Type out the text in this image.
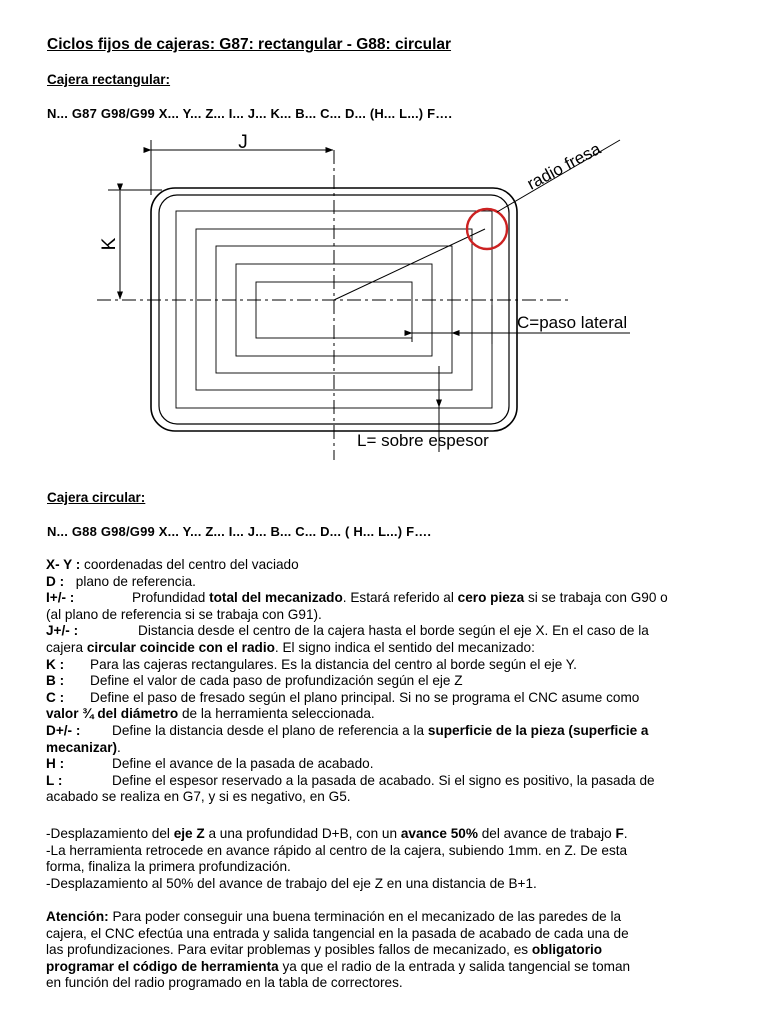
Ciclos fijos de cajeras: G87: rectangular - G88: circular

Cajera rectangular:

N... G87 G98/G99 X... Y... Z... I... J... K... B... C... D... (H... L...) F….

J
K
radio fresa
C=paso lateral
L= sobre espesor

Cajera circular:

N... G88 G98/G99 X... Y... Z... I... J... B... C... D... ( H... L...) F….

X- Y : coordenadas del centro del vaciado

D : plano de referencia.

I+/- :	Profundidad total del mecanizado. Estará referido al cero pieza si se trabaja con G90 o

(al plano de referencia si se trabaja con G91).

J+/- :	Distancia desde el centro de la cajera hasta el borde según el eje X. En el caso de la

cajera circular coincide con el radio. El signo indica el sentido del mecanizado:

K : Para las cajeras rectangulares. Es la distancia del centro al borde según el eje Y.

B : Define el valor de cada paso de profundización según el eje Z

C : Define el paso de fresado según el plano principal. Si no se programa el CNC asume como

valor ¾ del diámetro de la herramienta seleccionada.

D+/- : Define la distancia desde el plano de referencia a la superficie de la pieza (superficie a

mecanizar).

H :	Define el avance de la pasada de acabado.

L :	Define el espesor reservado a la pasada de acabado. Si el signo es positivo, la pasada de

acabado se realiza en G7, y si es negativo, en G5.

-Desplazamiento del eje Z a una profundidad D+B, con un avance 50% del avance de trabajo F.

-La herramienta retrocede en avance rápido al centro de la cajera, subiendo 1mm. en Z. De esta

forma, finaliza la primera profundización.

-Desplazamiento al 50% del avance de trabajo del eje Z en una distancia de B+1.

Atención: Para poder conseguir una buena terminación en el mecanizado de las paredes de la

cajera, el CNC efectúa una entrada y salida tangencial en la pasada de acabado de cada una de

las profundizaciones. Para evitar problemas y posibles fallos de mecanizado, es obligatorio

programar el código de herramienta ya que el radio de la entrada y salida tangencial se toman

en función del radio programado en la tabla de correctores.
